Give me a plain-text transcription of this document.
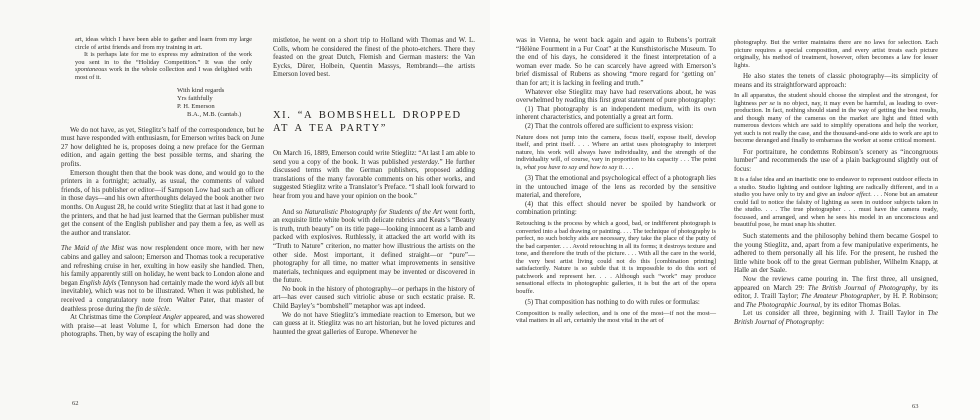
art, ideas which I have been able to gather and learn from my large circle of artist friends and from my training in art.

It is perhaps late for me to express my admiration of the work you sent in to the “Holiday Competition.” It was the only spontaneous work in the whole collection and I was delighted with most of it.

With kind regards
Yrs faithfully
P. H. Emerson
B.A., M.B. (cantab.)

We do not have, as yet, Stieglitz’s half of the correspondence, but he must have responded with enthusiasm, for Emerson writes back on June 27 how delighted he is, proposes doing a new preface for the German edition, and again getting the best possible terms, and sharing the profits.

Emerson thought then that the book was done, and would go to the printers in a fortnight; actually, as usual, the comments of valued friends, of his publisher or editor—if Sampson Low had such an officer in those days—and his own afterthoughts delayed the book another two months. On August 28, he could write Stieglitz that at last it had gone to the printers, and that he had just learned that the German publisher must get the consent of the English publisher and pay them a fee, as well as the author and translator.

The Maid of the Mist was now resplendent once more, with her new cabins and galley and saloon; Emerson and Thomas took a recuperative and refreshing cruise in her, exulting in how easily she handled. Then, his family apparently still on holiday, he went back to London alone and began English Idyls (Tennyson had certainly made the word idyls all but inevitable), which was not to be illustrated. When it was published, he received a congratulatory note from Walter Pater, that master of deathless prose during the fin de siècle.

At Christmas time the Compleat Angler appeared, and was showered with praise—at least Volume I, for which Emerson had done the photographs. Then, by way of escaping the holly and

mistletoe, he went on a short trip to Holland with Thomas and W. L. Colls, whom he considered the finest of the photo-etchers. There they feasted on the great Dutch, Flemish and German masters: the Van Eycks, Dürer, Holbein, Quentin Massys, Rembrandt—the artists Emerson loved best.

XI. “A BOMBSHELL DROPPED
AT A TEA PARTY”

On March 16, 1889, Emerson could write Stieglitz: “At last I am able to send you a copy of the book. It was published yesterday.” He further discussed terms with the German publishers, proposed adding translations of the many favorable comments on his other works, and suggested Stieglitz write a Translator’s Preface. “I shall look forward to hear from you and have your opinion on the book.”

And so Naturalistic Photography for Students of the Art went forth, an exquisite little white book with delicate rubrics and Keats’s “Beauty is truth, truth beauty” on its title page—looking innocent as a lamb and packed with explosives. Ruthlessly, it attacked the art world with its “Truth to Nature” criterion, no matter how illustrious the artists on the other side. Most important, it defined straight—or “pure”—photography for all time, no matter what improvements in sensitive materials, techniques and equipment may be invented or discovered in the future.

No book in the history of photography—or perhaps in the history of art—has ever caused such vitriolic abuse or such ecstatic praise. R. Child Bayley’s “bombshell” metaphor was apt indeed.

We do not have Stieglitz’s immediate reaction to Emerson, but we can guess at it. Stieglitz was no art historian, but he loved pictures and haunted the great galleries of Europe. Whenever he

62

was in Vienna, he went back again and again to Rubens’s portrait “Hélène Fourment in a Fur Coat” at the Kunsthistorische Museum. To the end of his days, he considered it the finest interpretation of a woman ever made. So he can scarcely have agreed with Emerson’s brief dismissal of Rubens as showing “more regard for ‘getting on’ than for art; it is lacking in feeling and truth.”

Whatever else Stieglitz may have had reservations about, he was overwhelmed by reading this first great statement of pure photography:

(1) That photography is an independent medium, with its own inherent characteristics, and potentially a great art form.

(2) That the controls offered are sufficient to express vision:

Nature does not jump into the camera, focus itself, expose itself, develop itself, and print itself. . . . Where an artist uses photography to interpret nature, his work will always have individuality, and the strength of the individuality will, of course, vary in proportion to his capacity . . . The point is, what you have to say and how to say it. . . .

(3) That the emotional and psychological effect of a photograph lies in the untouched image of the lens as recorded by the sensitive material, and therefore,

(4) that this effect should never be spoiled by handwork or combination printing:

Retouching is the process by which a good, bad, or indifferent photograph is converted into a bad drawing or painting. . . . The technique of photography is perfect, no such botchy aids are necessary, they take the place of the putty of the bad carpenter. . . . Avoid retouching in all its forms; it destroys texture and tone, and therefore the truth of the picture. . . . With all the care in the world, the very best artist living could not do this [combination printing] satisfactorily. Nature is so subtle that it is impossible to do this sort of patchwork and represent her. . . . Although such “work” may produce sensational effects in photographic galleries, it is but the art of the opera bouffe.

(5) That composition has nothing to do with rules or formulas:

Composition is really selection, and is one of the most—if not the most—vital matters in all art, certainly the most vital in the art of

photography. But the writer maintains there are no laws for selection. Each picture requires a special composition, and every artist treats each picture originally, his method of treatment, however, often becomes a law for lesser lights.

He also states the tenets of classic photography—its simplicity of means and its straightforward approach:

In all apparatus, the student should choose the simplest and the strongest, for lightness per se is no object, nay, it may even be harmful, as leading to over-production. In fact, nothing should stand in the way of getting the best results, and though many of the cameras on the market are light and fitted with numerous devices which are said to simplify operations and help the worker, yet such is not really the case, and the thousand-and-one aids to work are apt to become deranged and finally to embarrass the worker at some critical moment.

For portraiture, he condemns Robinson’s scenery as “incongruous lumber” and recommends the use of a plain background slightly out of focus:

It is a false idea and an inartistic one to endeavor to represent outdoor effects in a studio. Studio lighting and outdoor lighting are radically different, and in a studio you have only to try and give an indoor effect. . . . None but an amateur could fail to notice the falsity of lighting as seen in outdoor subjects taken in the studio. . . . The true photographer . . . must have the camera ready, focussed, and arranged, and when he sees his model in an unconscious and beautiful pose, he must snap his shutter.

Such statements and the philosophy behind them became Gospel to the young Stieglitz, and, apart from a few manipulative experiments, he adhered to them personally all his life. For the present, he rushed the little white book off to the great German publisher, Wilhelm Knapp, at Halle an der Saale.

Now the reviews came pouring in. The first three, all unsigned, appeared on March 29: The British Journal of Photography, by its editor, J. Traill Taylor; The Amateur Photographer, by H. P. Robinson; and The Photographic Journal, by its editor Thomas Bolas.

Let us consider all three, beginning with J. Traill Taylor in The British Journal of Photography:

63
